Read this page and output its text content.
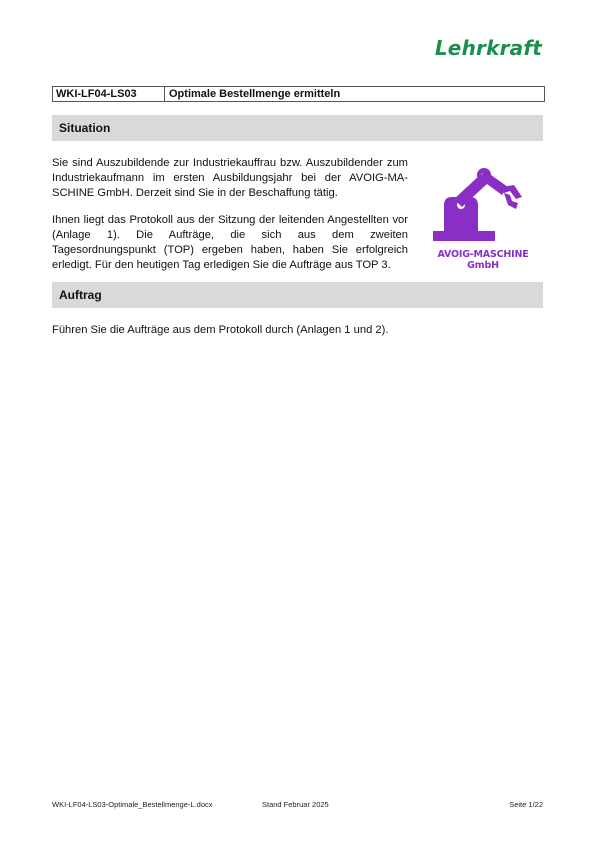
Lehrkraft
WKI-LF04-LS03	Optimale Bestellmenge ermitteln
Situation

Sie sind Auszubildende zur Industriekauffrau bzw. Auszubildender zum Industriekaufmann im ersten Ausbildungsjahr bei der AVOIG-MASCHINE GmbH. Derzeit sind Sie in der Beschaffung tätig.

Ihnen liegt das Protokoll aus der Sitzung der leitenden Angestellten vor (Anlage 1). Die Aufträge, die sich aus dem zweiten Tagesordnungspunkt (TOP) ergeben haben, haben Sie erfolgreich erledigt. Für den heutigen Tag erledigen Sie die Aufträge aus TOP 3.

AVOIG-MASCHINE GmbH
Auftrag

Führen Sie die Aufträge aus dem Protokoll durch (Anlagen 1 und 2).

WKI-LF04-LS03-Optimale_Bestellmenge-L.docx	Stand Februar 2025	Seite 1/22
